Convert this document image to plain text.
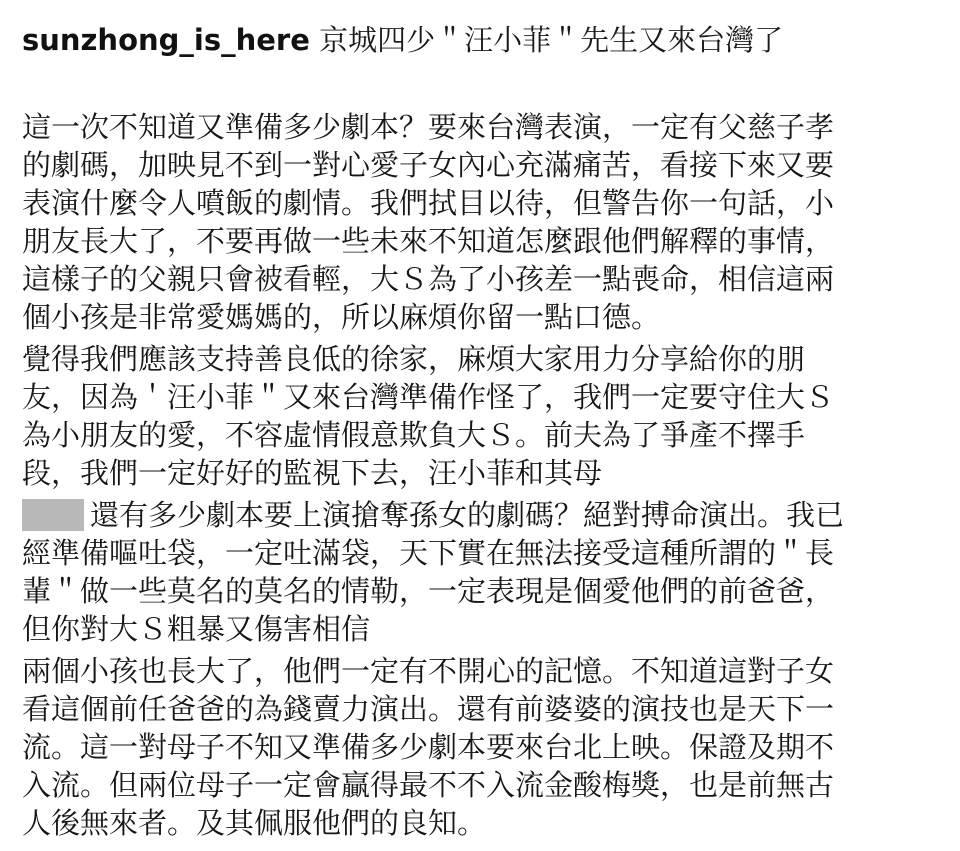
sunzhong_is_here 京城四少＂汪小菲＂先生又來台灣了
這一次不知道又準備多少劇本？要來台灣表演，一定有父慈子孝
的劇碼，加映見不到一對心愛子女內心充滿痛苦，看接下來又要
表演什麼令人噴飯的劇情。我們拭目以待，但警告你一句話，小
朋友長大了，不要再做一些未來不知道怎麼跟他們解釋的事情，
這樣子的父親只會被看輕，大Ｓ為了小孩差一點喪命，相信這兩
個小孩是非常愛媽媽的，所以麻煩你留一點口德。
覺得我們應該支持善良低的徐家，麻煩大家用力分享給你的朋
友，因為＇汪小菲＂又來台灣準備作怪了，我們一定要守住大Ｓ
為小朋友的愛，不容虛情假意欺負大Ｓ。前夫為了爭產不擇手
段，我們一定好好的監視下去，汪小菲和其母
還有多少劇本要上演搶奪孫女的劇碼？絕對搏命演出。我已
經準備嘔吐袋，一定吐滿袋，天下實在無法接受這種所謂的＂長
輩＂做一些莫名的莫名的情勒，一定表現是個愛他們的前爸爸，
但你對大Ｓ粗暴又傷害相信
兩個小孩也長大了，他們一定有不開心的記憶。不知道這對子女
看這個前任爸爸的為錢賣力演出。還有前婆婆的演技也是天下一
流。這一對母子不知又準備多少劇本要來台北上映。保證及期不
入流。但兩位母子一定會贏得最不不入流金酸梅獎，也是前無古
人後無來者。及其佩服他們的良知。
